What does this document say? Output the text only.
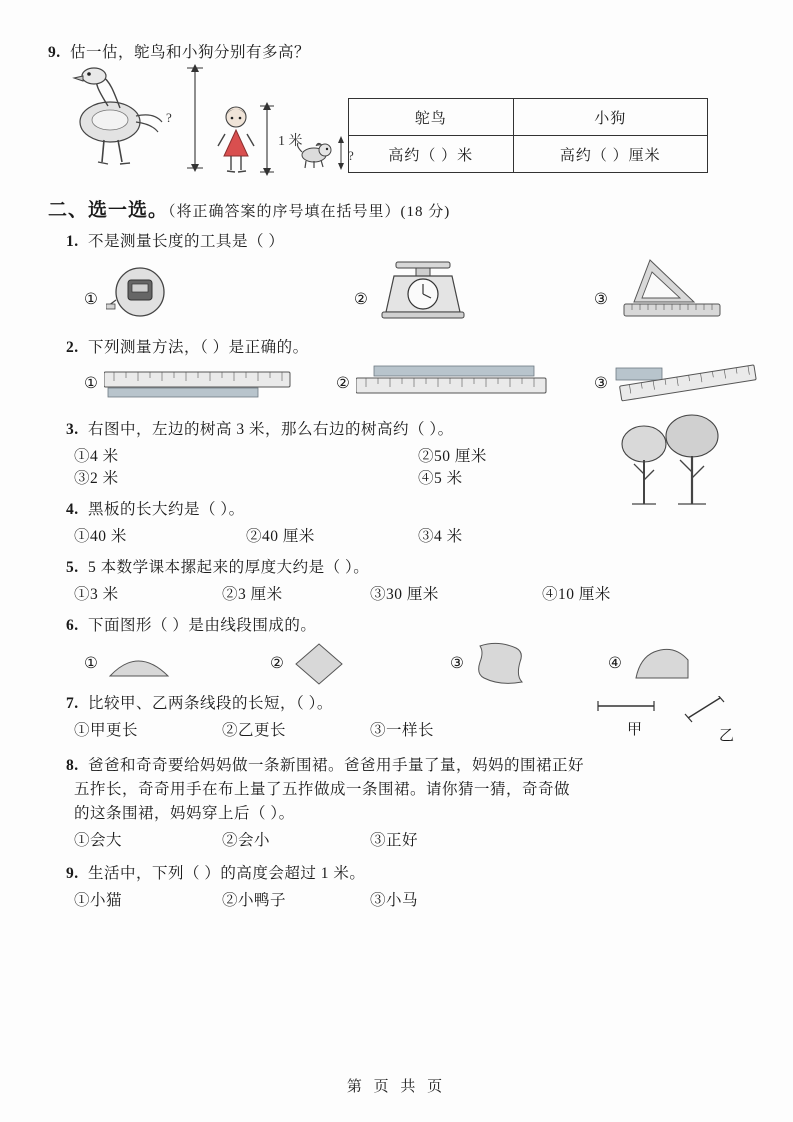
9. 估一估，鸵鸟和小狗分别有多高？
?
1 米
?
鸵鸟	小狗
高约（ ）米	高约（ ）厘米
二、选一选。（将正确答案的序号填在括号里）(18 分)
1. 不是测量长度的工具是（ ）
①	②	③
2. 下列测量方法，（ ）是正确的。
①	②	③
3. 右图中，左边的树高 3 米，那么右边的树高约（ ）。
①4 米	②50 厘米
③2 米	④5 米
4. 黑板的长大约是（ ）。
①40 米	②40 厘米	③4 米
5. 5 本数学课本摞起来的厚度大约是（ ）。
①3 米	②3 厘米	③30 厘米	④10 厘米
6. 下面图形（ ）是由线段围成的。
①	②	③	④
7. 比较甲、乙两条线段的长短，（ ）。
①甲更长	②乙更长	③一样长	甲	乙
8. 爸爸和奇奇要给妈妈做一条新围裙。爸爸用手量了量，妈妈的围裙正好
五拃长，奇奇用手在布上量了五拃做成一条围裙。请你猜一猜，奇奇做
的这条围裙，妈妈穿上后（ ）。
①会大	②会小	③正好
9. 生活中，下列（ ）的高度会超过 1 米。
①小猫	②小鸭子	③小马
第 页 共 页
